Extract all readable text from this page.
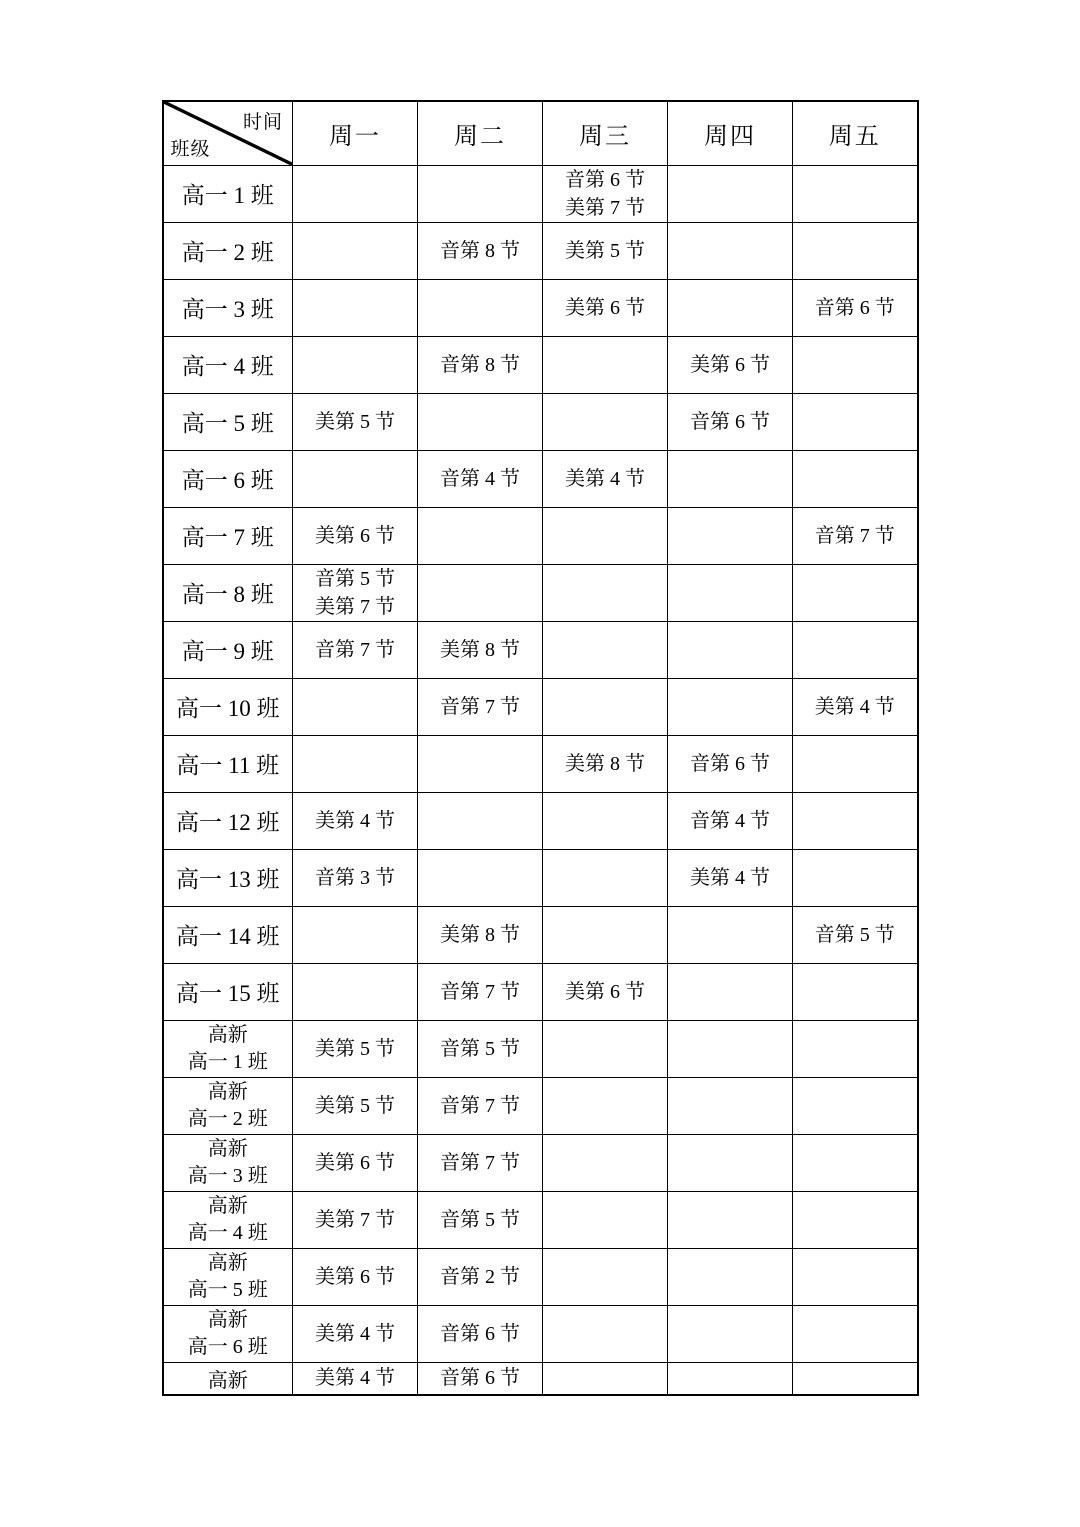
时间
班级	周一	周二	周三	周四	周五

高一 1 班			音第 6 节
美第 7 节		

高一 2 班		音第 8 节	美第 5 节		

高一 3 班			美第 6 节		音第 6 节

高一 4 班		音第 8 节		美第 6 节	

高一 5 班	美第 5 节			音第 6 节	

高一 6 班		音第 4 节	美第 4 节		

高一 7 班	美第 6 节				音第 7 节

高一 8 班	音第 5 节
美第 7 节				

高一 9 班	音第 7 节	美第 8 节			

高一 10 班		音第 7 节			美第 4 节

高一 11 班			美第 8 节	音第 6 节	

高一 12 班	美第 4 节			音第 4 节	

高一 13 班	音第 3 节			美第 4 节	

高一 14 班		美第 8 节			音第 5 节

高一 15 班		音第 7 节	美第 6 节		

高新
高一 1 班	美第 5 节	音第 5 节			

高新
高一 2 班	美第 5 节	音第 7 节			

高新
高一 3 班	美第 6 节	音第 7 节			

高新
高一 4 班	美第 7 节	音第 5 节			

高新
高一 5 班	美第 6 节	音第 2 节			

高新
高一 6 班	美第 4 节	音第 6 节			

高新	美第 4 节	音第 6 节			
